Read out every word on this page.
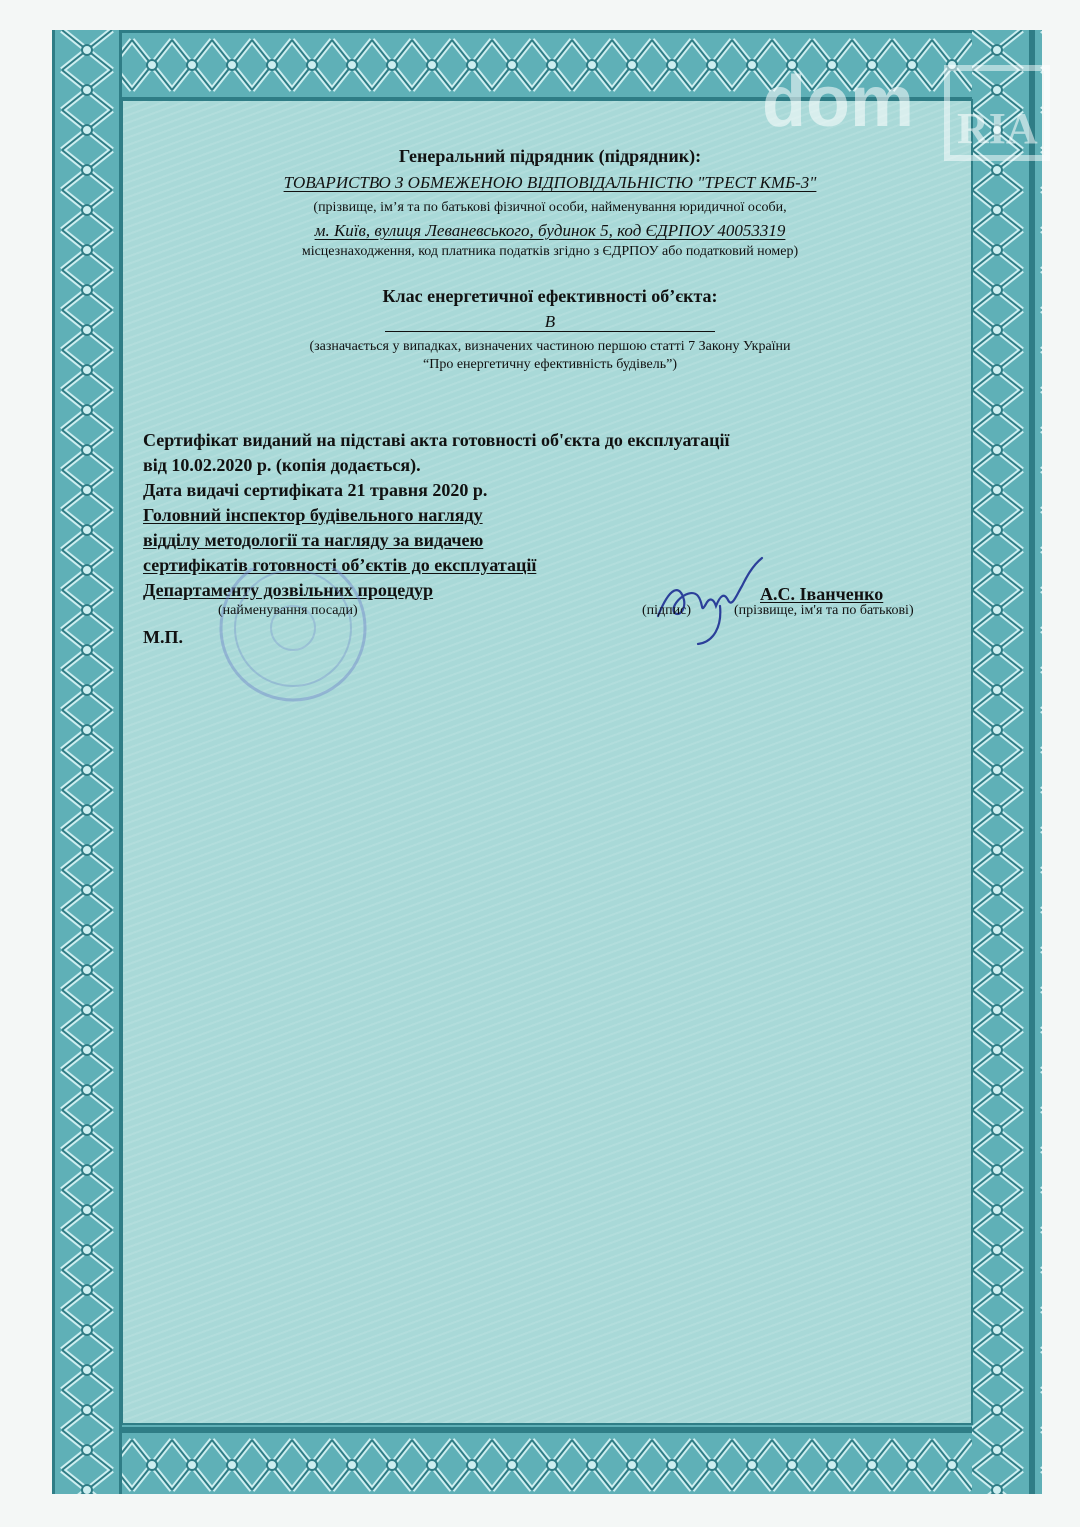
dom RIA
Генеральний підрядник (підрядник):
ТОВАРИСТВО З ОБМЕЖЕНОЮ ВІДПОВІДАЛЬНІСТЮ "ТРЕСТ КМБ-3"
(прізвище, ім’я та по батькові фізичної особи, найменування юридичної особи,
м. Київ, вулиця Леваневського, будинок 5, код ЄДРПОУ 40053319
місцезнаходження, код платника податків згідно з ЄДРПОУ або податковий номер)
Клас енергетичної ефективності об’єкта:
B
(зазначається у випадках, визначених частиною першою статті 7 Закону України
“Про енергетичну ефективність будівель”)
Сертифікат виданий на підставі акта готовності об'єкта до експлуатації
від 10.02.2020 р. (копія додається).
Дата видачі сертифіката 21 травня 2020 р.
Головний інспектор будівельного нагляду
відділу методології та нагляду за видачею
сертифікатів готовності об’єктів до експлуатації
Департаменту дозвільних процедур	А.С. Іванченко
(найменування посади)	(підпис)	(прізвище, ім'я та по батькові)
М.П.
